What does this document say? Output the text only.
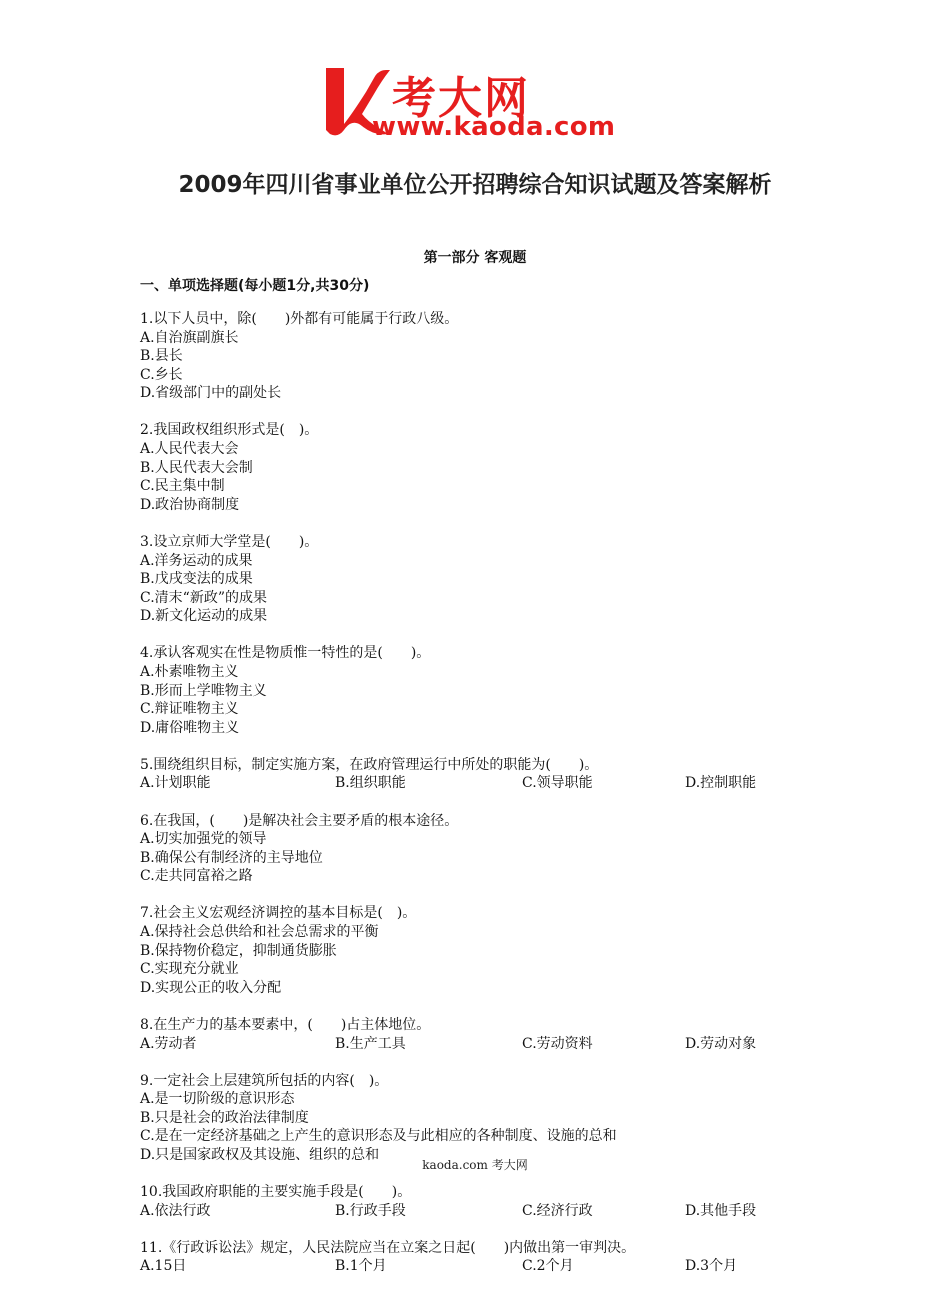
考大网
www.kaoda.com
2009年四川省事业单位公开招聘综合知识试题及答案解析
第一部分 客观题
一、单项选择题(每小题1分,共30分)
1.以下人员中，除(　　)外都有可能属于行政八级。
A.自治旗副旗长
B.县长
C.乡长
D.省级部门中的副处长
2.我国政权组织形式是(　)。
A.人民代表大会
B.人民代表大会制
C.民主集中制
D.政治协商制度
3.设立京师大学堂是(　　)。
A.洋务运动的成果
B.戊戌变法的成果
C.清末“新政”的成果
D.新文化运动的成果
4.承认客观实在性是物质惟一特性的是(　　)。
A.朴素唯物主义
B.形而上学唯物主义
C.辩证唯物主义
D.庸俗唯物主义
5.围绕组织目标，制定实施方案，在政府管理运行中所处的职能为(　　)。
A.计划职能	B.组织职能	C.领导职能	D.控制职能
6.在我国，(　　)是解决社会主要矛盾的根本途径。
A.切实加强党的领导
B.确保公有制经济的主导地位
C.走共同富裕之路
7.社会主义宏观经济调控的基本目标是(　)。
A.保持社会总供给和社会总需求的平衡
B.保持物价稳定，抑制通货膨胀
C.实现充分就业
D.实现公正的收入分配
8.在生产力的基本要素中，(　　)占主体地位。
A.劳动者	B.生产工具	C.劳动资料	D.劳动对象
9.一定社会上层建筑所包括的内容(　)。
A.是一切阶级的意识形态
B.只是社会的政治法律制度
C.是在一定经济基础之上产生的意识形态及与此相应的各种制度、设施的总和
D.只是国家政权及其设施、组织的总和
10.我国政府职能的主要实施手段是(　　)。
A.依法行政	B.行政手段	C.经济行政	D.其他手段
11.《行政诉讼法》规定，人民法院应当在立案之日起(　　)内做出第一审判决。
A.15日	B.1个月	C.2个月	D.3个月
kaoda.com 考大网
